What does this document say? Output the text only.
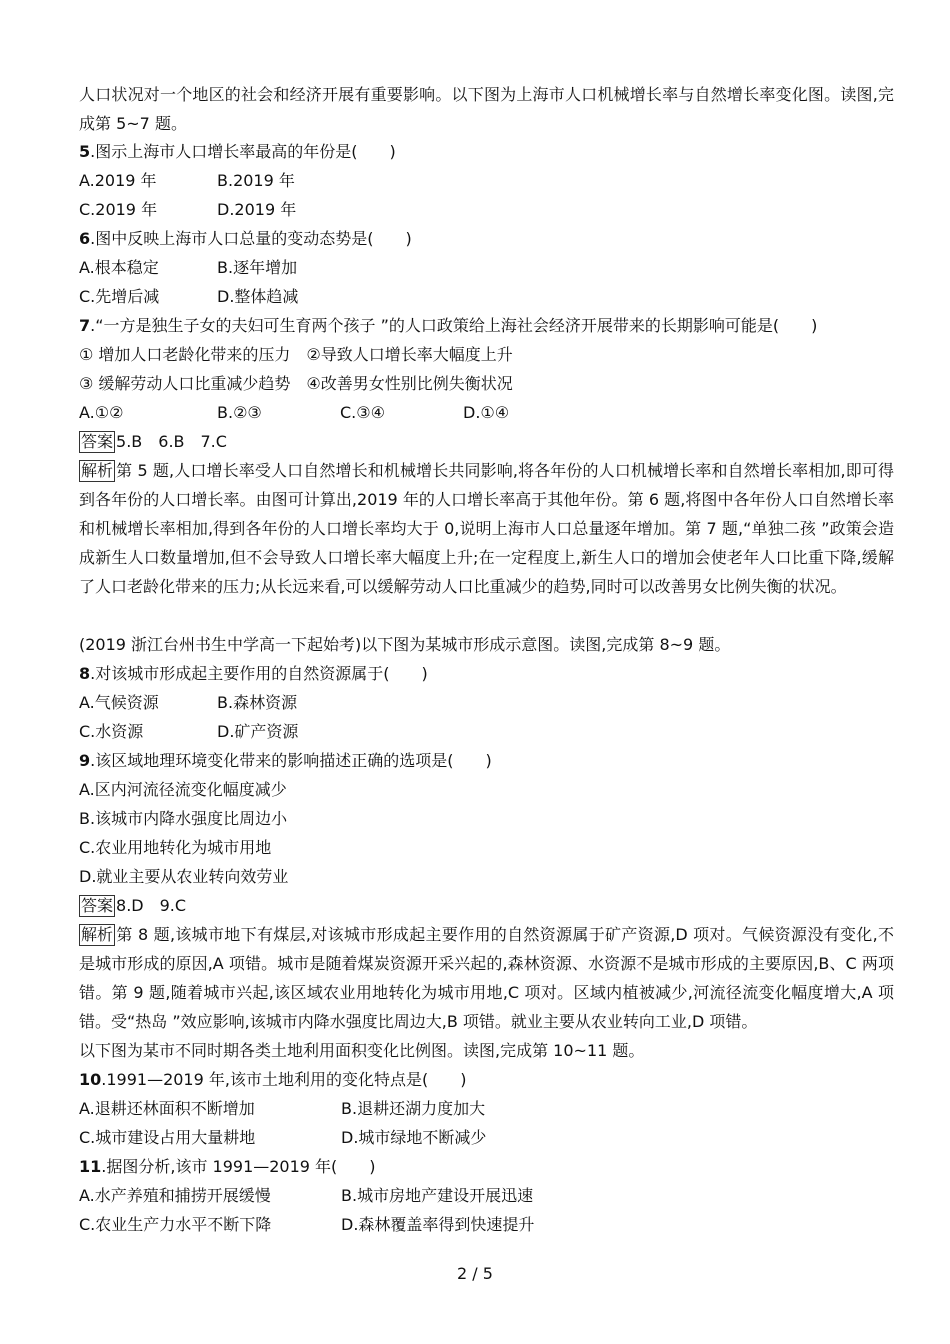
人口状况对一个地区的社会和经济开展有重要影响。以下图为上海市人口机械增长率与自然增长率变化图。读图,完成第 5~7 题。
5.图示上海市人口增长率最高的年份是(　　)
A.2019 年	B.2019 年
C.2019 年	D.2019 年
6.图中反映上海市人口总量的变动态势是(　　)
A.根本稳定	B.逐年增加
C.先增后减	D.整体趋减
7.“一方是独生子女的夫妇可生育两个孩子 ”的人口政策给上海社会经济开展带来的长期影响可能是(　　)
① 增加人口老龄化带来的压力　②导致人口增长率大幅度上升
③ 缓解劳动人口比重减少趋势　④改善男女性别比例失衡状况
A.①②	B.②③	C.③④	D.①④
答案 5.B　6.B　7.C
解析 第 5 题,人口增长率受人口自然增长和机械增长共同影响,将各年份的人口机械增长率和自然增长率相加,即可得到各年份的人口增长率。由图可计算出,2019 年的人口增长率高于其他年份。第 6 题,将图中各年份人口自然增长率和机械增长率相加,得到各年份的人口增长率均大于 0,说明上海市人口总量逐年增加。第 7 题,“单独二孩 ”政策会造成新生人口数量增加,但不会导致人口增长率大幅度上升;在一定程度上,新生人口的增加会使老年人口比重下降,缓解了人口老龄化带来的压力;从长远来看,可以缓解劳动人口比重减少的趋势,同时可以改善男女比例失衡的状况。
(2019 浙江台州书生中学高一下起始考)以下图为某城市形成示意图。读图,完成第 8~9 题。
8.对该城市形成起主要作用的自然资源属于(　　)
A.气候资源	B.森林资源
C.水资源	D.矿产资源
9.该区域地理环境变化带来的影响描述正确的选项是(　　)
A.区内河流径流变化幅度减少
B.该城市内降水强度比周边小
C.农业用地转化为城市用地
D.就业主要从农业转向效劳业
答案 8.D　9.C
解析 第 8 题,该城市地下有煤层,对该城市形成起主要作用的自然资源属于矿产资源,D 项对。气候资源没有变化,不是城市形成的原因,A 项错。城市是随着煤炭资源开采兴起的,森林资源、水资源不是城市形成的主要原因,B、C 两项错。第 9 题,随着城市兴起,该区域农业用地转化为城市用地,C 项对。区域内植被减少,河流径流变化幅度增大,A 项错。受“热岛 ”效应影响,该城市内降水强度比周边大,B 项错。就业主要从农业转向工业,D 项错。
以下图为某市不同时期各类土地利用面积变化比例图。读图,完成第 10~11 题。
10.1991—2019 年,该市土地利用的变化特点是(　　)
A.退耕还林面积不断增加	B.退耕还湖力度加大
C.城市建设占用大量耕地	D.城市绿地不断减少
11.据图分析,该市 1991—2019 年(　　)
A.水产养殖和捕捞开展缓慢	B.城市房地产建设开展迅速
C.农业生产力水平不断下降	D.森林覆盖率得到快速提升
2 / 5
